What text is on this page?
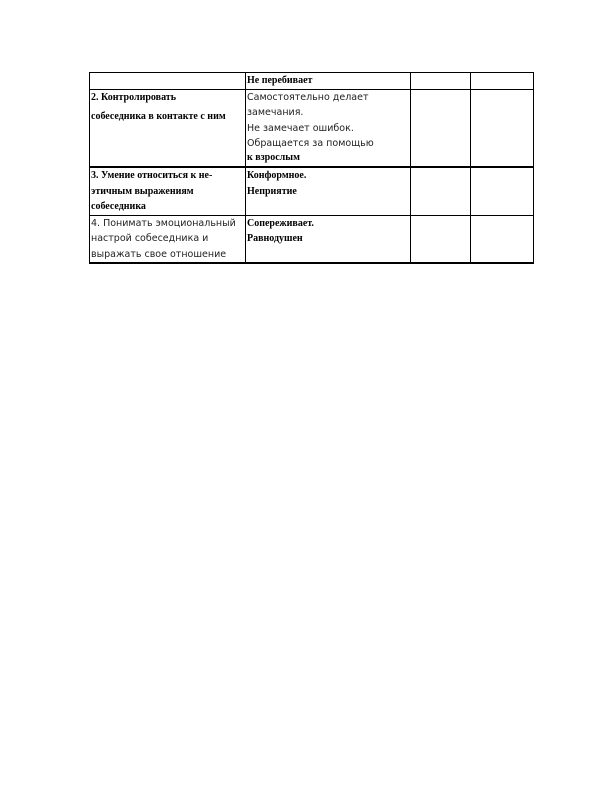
	Не перебивает		

2. Контролировать
собеседника в контакте с ним	Самостоятельно делает
замечания.
Не замечает ошибок.
Обращается за помощью
к взрослым		

3. Умение относиться к не-
этичным выражениям
собеседника	Конформное.
Неприятие		

4. Понимать эмоциональный
настрой собеседника и
выражать свое отношение	Сопереживает.
Равнодушен		
